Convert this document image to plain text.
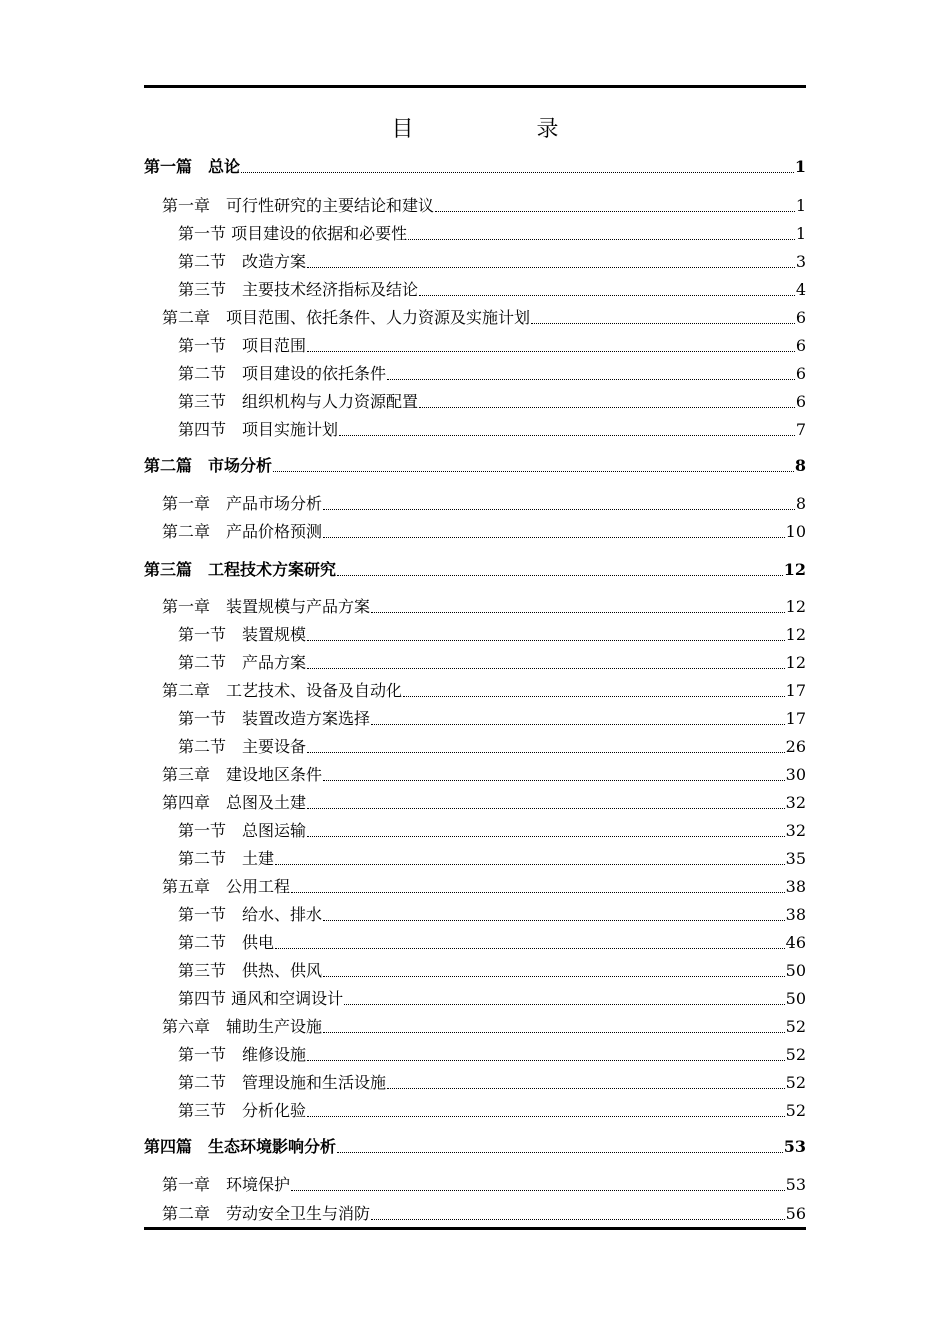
目 录
第一篇　总论	1
第一章　可行性研究的主要结论和建议	1
第一节 项目建设的依据和必要性	1
第二节　改造方案	3
第三节　主要技术经济指标及结论	4
第二章　项目范围、依托条件、人力资源及实施计划	6
第一节　项目范围	6
第二节　项目建设的依托条件	6
第三节　组织机构与人力资源配置	6
第四节　项目实施计划	7
第二篇　市场分析	8
第一章　产品市场分析	8
第二章　产品价格预测	10
第三篇　工程技术方案研究	12
第一章　装置规模与产品方案	12
第一节　装置规模	12
第二节　产品方案	12
第二章　工艺技术、设备及自动化	17
第一节　装置改造方案选择	17
第二节　主要设备	26
第三章　建设地区条件	30
第四章　总图及土建	32
第一节　总图运输	32
第二节　土建	35
第五章　公用工程	38
第一节　给水、排水	38
第二节　供电	46
第三节　供热、供风	50
第四节 通风和空调设计	50
第六章　辅助生产设施	52
第一节　维修设施	52
第二节　管理设施和生活设施	52
第三节　分析化验	52
第四篇　生态环境影响分析	53
第一章　环境保护	53
第二章　劳动安全卫生与消防	56
